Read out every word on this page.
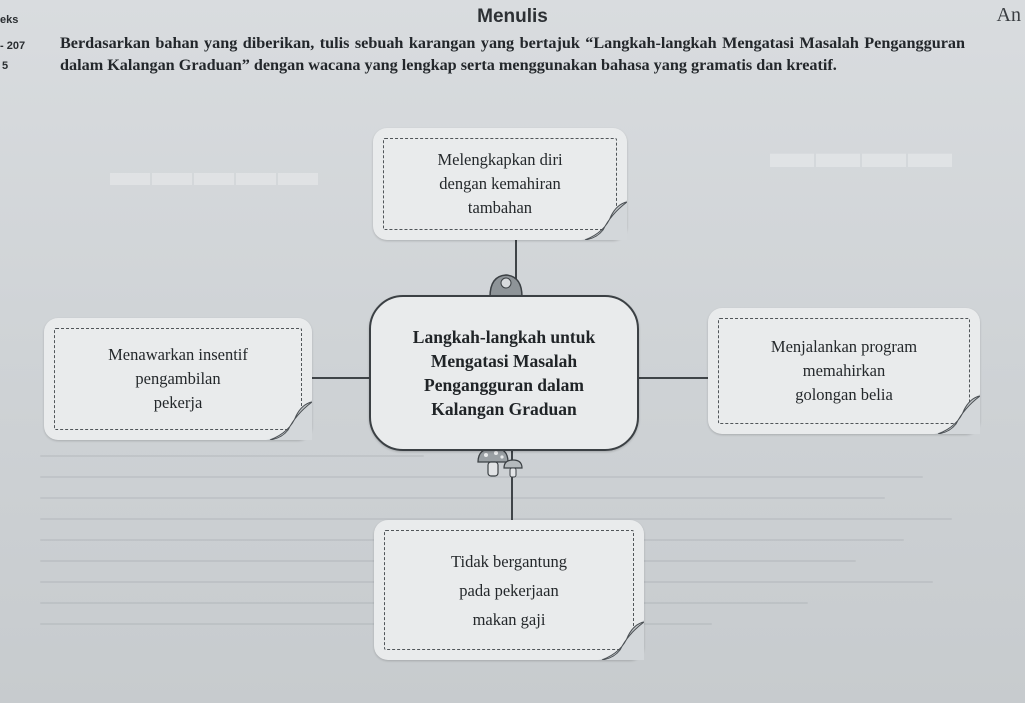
▬▬▬▬
▬▬▬▬▬
eks
- 207
5
Menulis	An
Berdasarkan bahan yang diberikan, tulis sebuah karangan yang bertajuk “Langkah-langkah Mengatasi Masalah Pengangguran dalam Kalangan Graduan” dengan wacana yang lengkap serta menggunakan bahasa yang gramatis dan kreatif.
Melengkapkan diri
dengan kemahiran
tambahan
Menawarkan insentif
pengambilan
pekerja
Menjalankan program
memahirkan
golongan belia
Tidak bergantung
pada pekerjaan
makan gaji
Langkah-langkah untuk
Mengatasi Masalah
Pengangguran dalam
Kalangan Graduan
